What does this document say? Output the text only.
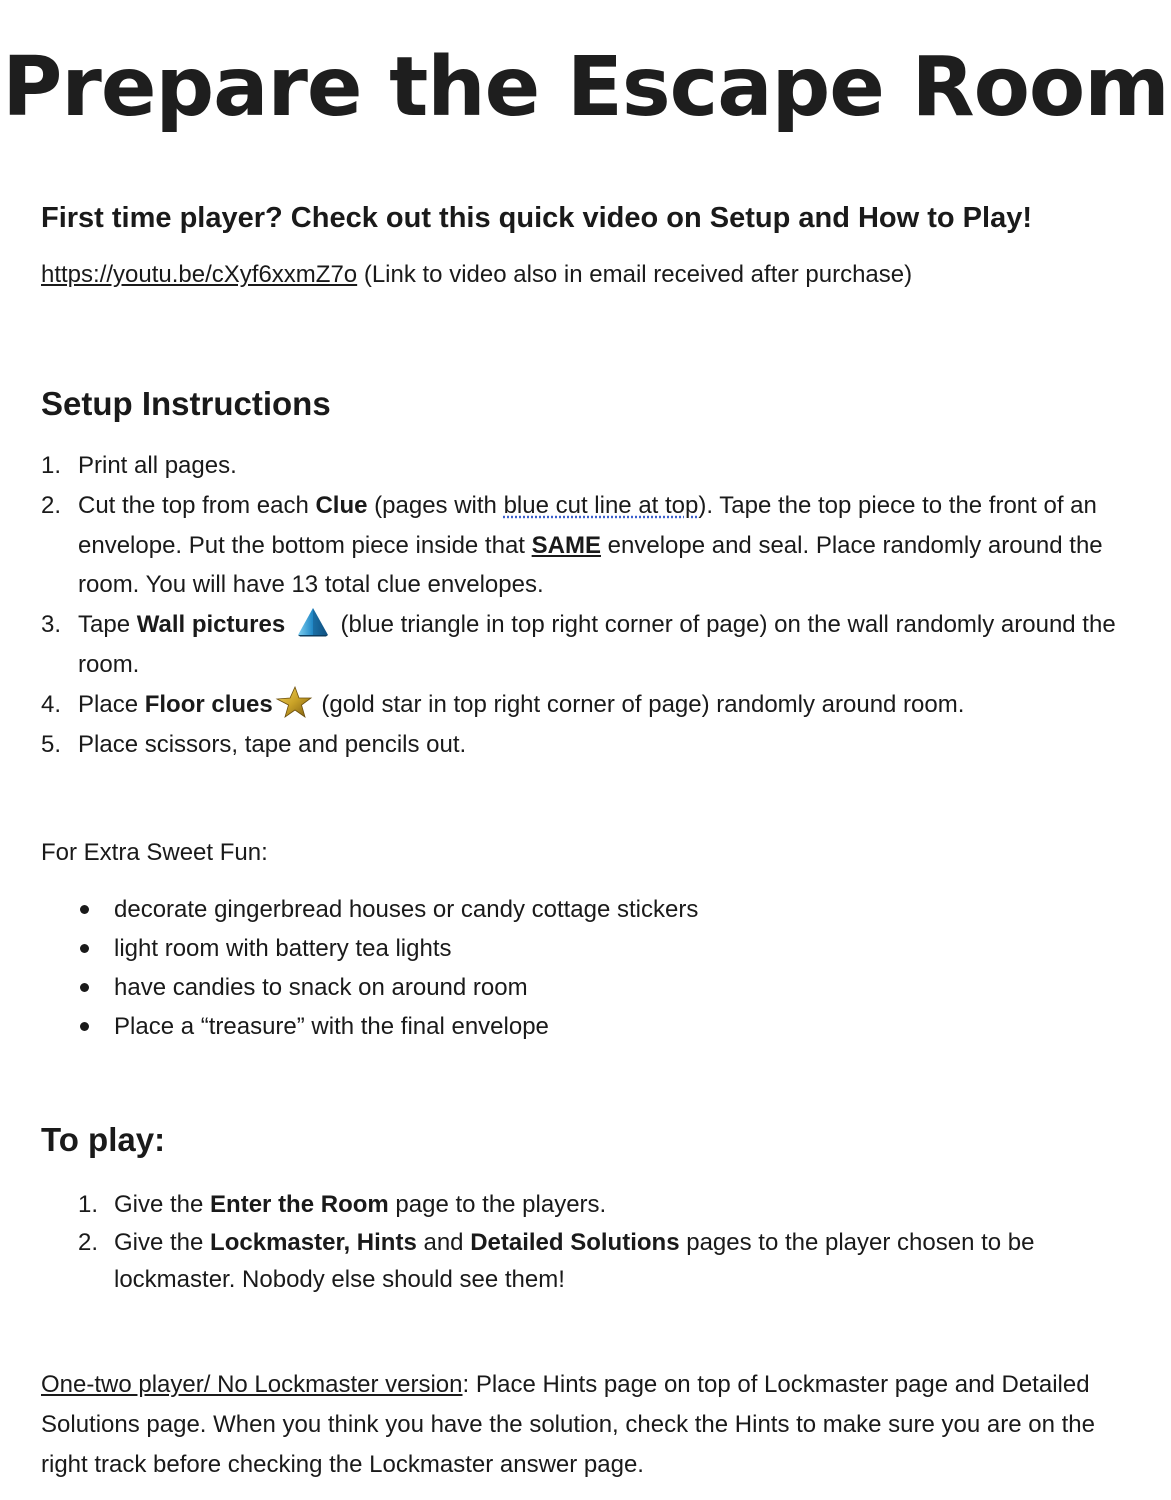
Prepare the Escape Room
First time player? Check out this quick video on Setup and How to Play!
https://youtu.be/cXyf6xxmZ7o (Link to video also in email received after purchase)
Setup Instructions
1. Print all pages.
2. Cut the top from each Clue (pages with blue cut line at top). Tape the top piece to the front of an envelope. Put the bottom piece inside that SAME envelope and seal. Place randomly around the room. You will have 13 total clue envelopes.
3. Tape Wall pictures  (blue triangle in top right corner of page) on the wall randomly around the room.
4. Place Floor clues (gold star in top right corner of page) randomly around room.
5. Place scissors, tape and pencils out.
For Extra Sweet Fun:
decorate gingerbread houses or candy cottage stickers
light room with battery tea lights
have candies to snack on around room
Place a “treasure” with the final envelope
To play:
1. Give the Enter the Room page to the players.
2. Give the Lockmaster, Hints and Detailed Solutions pages to the player chosen to be lockmaster. Nobody else should see them!
One-two player/ No Lockmaster version: Place Hints page on top of Lockmaster page and Detailed Solutions page. When you think you have the solution, check the Hints to make sure you are on the right track before checking the Lockmaster answer page.
